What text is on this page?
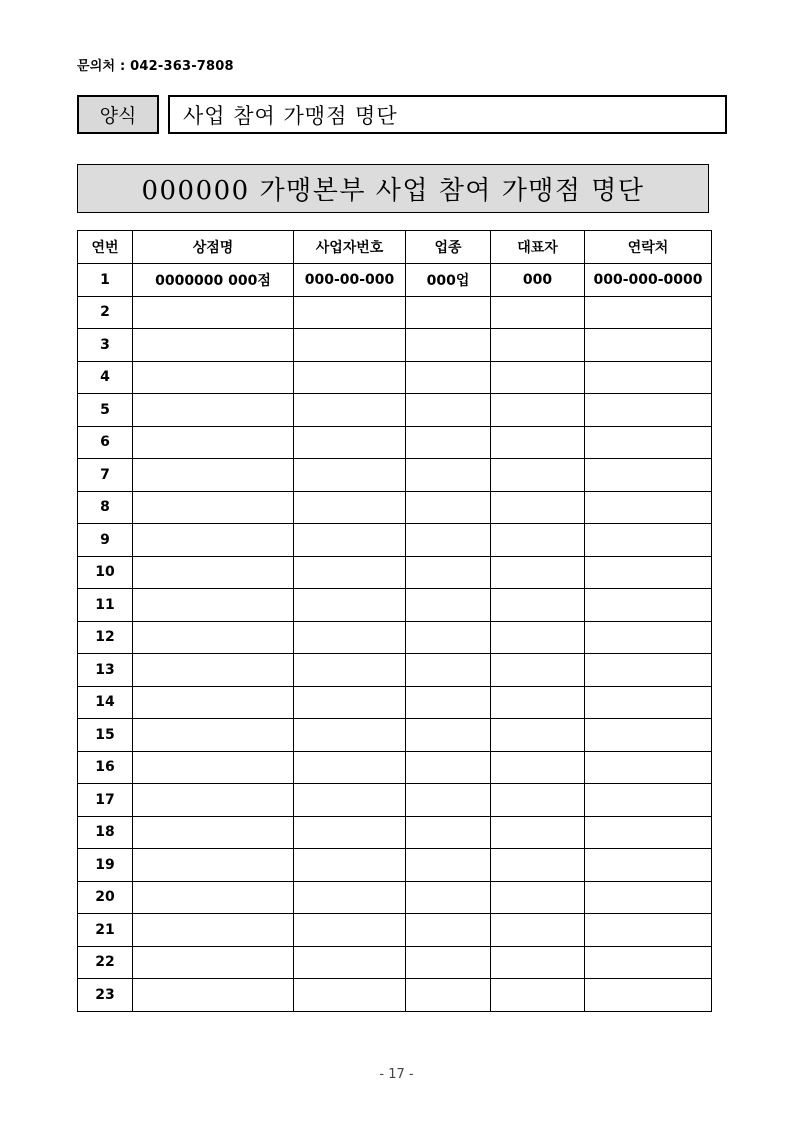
문의처 : 042-363-7808
양식	사업 참여 가맹점 명단
000000 가맹본부 사업 참여 가맹점 명단
연번	상점명	사업자번호	업종	대표자	연락처
1	0000000 000점	000-00-000	000업	000	000-000-0000
2					
3					
4					
5					
6					
7					
8					
9					
10					
11					
12					
13					
14					
15					
16					
17					
18					
19					
20					
21					
22					
23					
- 17 -
